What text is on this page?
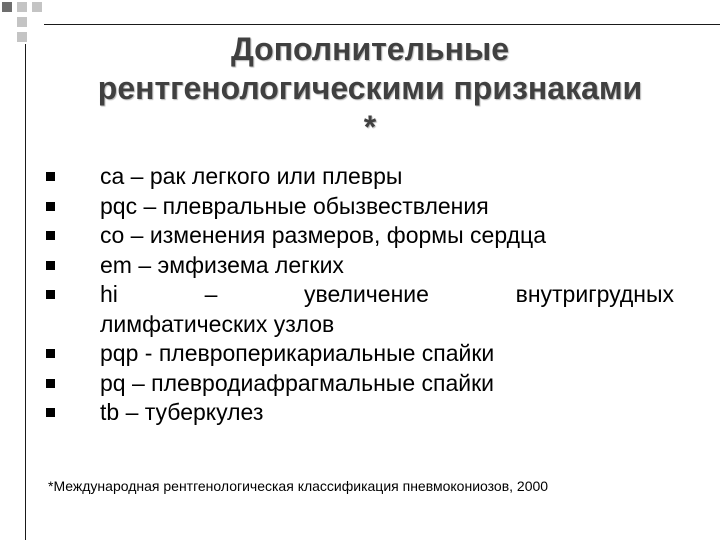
Дополнительные
рентгенологическими признаками
*
ca – рак легкого или плевры
pqc – плевральные обызвествления
co – изменения размеров, формы сердца
em – эмфизема легких
hi – увеличение внутригрудных
лимфатических узлов
pqp - плевроперикариальные спайки
pq – плевродиафрагмальные спайки
tb – туберкулез
*Международная рентгенологическая классификация пневмокониозов, 2000
